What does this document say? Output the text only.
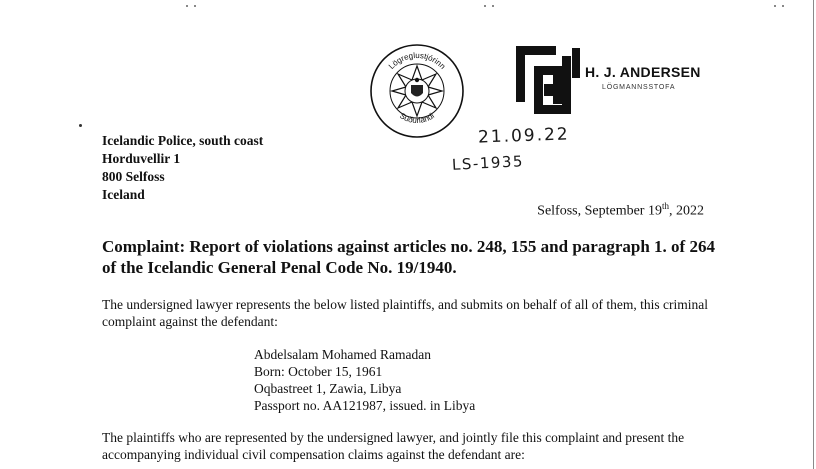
Lögreglustjórinn
Suðurlandi
H. J. ANDERSEN
LÖGMANNSSTOFA
Icelandic Police, south coast
Horduvellir 1
800 Selfoss
Iceland
21.09.22
LS-1935
Selfoss, September 19th, 2022
Complaint: Report of violations against articles no. 248, 155 and paragraph 1. of 264 of the Icelandic General Penal Code No. 19/1940.
The undersigned lawyer represents the below listed plaintiffs, and submits on behalf of all of them, this criminal complaint against the defendant:
Abdelsalam Mohamed Ramadan
Born: October 15, 1961
Oqbastreet 1, Zawia, Libya
Passport no. AA121987, issued. in Libya
The plaintiffs who are represented by the undersigned lawyer, and jointly file this complaint and present the accompanying individual civil compensation claims against the defendant are:
